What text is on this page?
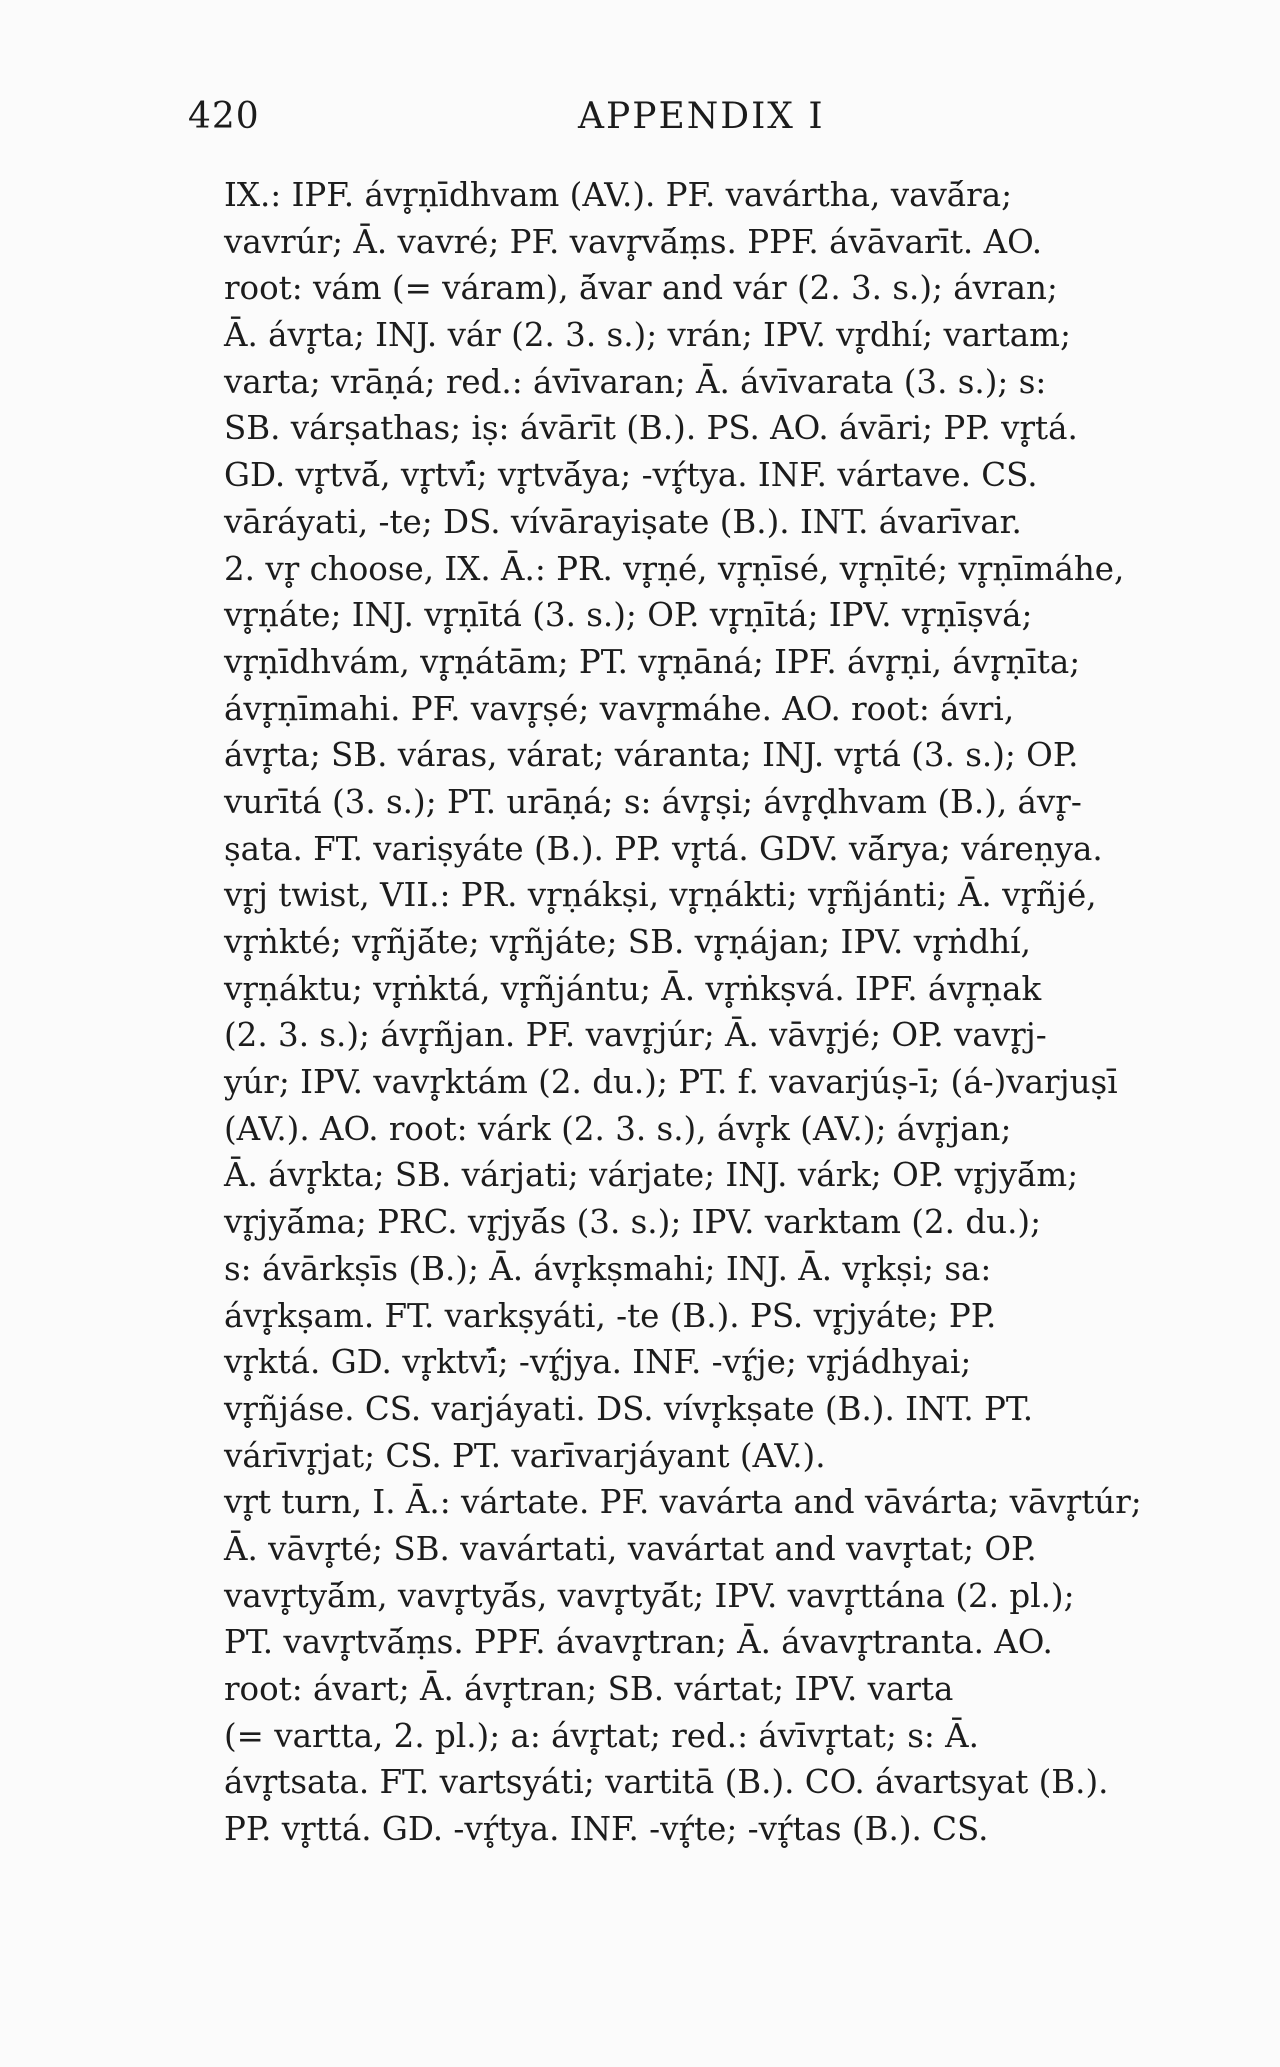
420	APPENDIX I
IX.: IPF. ávr̥ṇīdhvam (AV.). PF. vavártha, vavā́ra;
vavrúr; Ā. vavré; PF. vavr̥vā́ṃs. PPF. ávāvarīt. AO.
root: vám (= váram), ā́var and vár (2. 3. s.); ávran;
Ā. ávr̥ta; INJ. vár (2. 3. s.); vrán; IPV. vr̥dhí; vartam;
varta; vrāṇá; red.: ávīvaran; Ā. ávīvarata (3. s.); s:
SB. várṣathas; iṣ: ávārīt (B.). PS. AO. ávāri; PP. vr̥tá.
GD. vr̥tvā́, vr̥tvī́; vr̥tvā́ya; -vŕ̥tya. INF. vártave. CS.
vāráyati, -te; DS. vívārayiṣate (B.). INT. ávarīvar.
2. vr̥ choose, IX. Ā.: PR. vr̥ṇé, vr̥ṇīsé, vr̥ṇīté; vr̥ṇīmáhe,
vr̥ṇáte; INJ. vr̥ṇītá (3. s.); OP. vr̥ṇītá; IPV. vr̥ṇīṣvá;
vr̥ṇīdhvám, vr̥ṇátām; PT. vr̥ṇāná; IPF. ávr̥ṇi, ávr̥ṇīta;
ávr̥ṇīmahi. PF. vavr̥ṣé; vavr̥máhe. AO. root: ávri,
ávr̥ta; SB. váras, várat; váranta; INJ. vr̥tá (3. s.); OP.
vurītá (3. s.); PT. urāṇá; s: ávr̥ṣi; ávr̥ḍhvam (B.), ávr̥-
ṣata. FT. variṣyáte (B.). PP. vr̥tá. GDV. vā́rya; váreṇya.
vr̥j twist, VII.: PR. vr̥ṇákṣi, vr̥ṇákti; vr̥ñjánti; Ā. vr̥ñjé,
vr̥ṅkté; vr̥ñjā́te; vr̥ñjáte; SB. vr̥ṇájan; IPV. vr̥ṅdhí,
vr̥ṇáktu; vr̥ṅktá, vr̥ñjántu; Ā. vr̥ṅkṣvá. IPF. ávr̥ṇak
(2. 3. s.); ávr̥ñjan. PF. vavr̥júr; Ā. vāvr̥jé; OP. vavr̥j-
yúr; IPV. vavr̥ktám (2. du.); PT. f. vavarjúṣ-ī; (á-)varjuṣī
(AV.). AO. root: várk (2. 3. s.), ávr̥k (AV.); ávr̥jan;
Ā. ávr̥kta; SB. várjati; várjate; INJ. várk; OP. vr̥jyā́m;
vr̥jyā́ma; PRC. vr̥jyā́s (3. s.); IPV. varktam (2. du.);
s: ávārkṣīs (B.); Ā. ávr̥kṣmahi; INJ. Ā. vr̥kṣi; sa:
ávr̥kṣam. FT. varkṣyáti, -te (B.). PS. vr̥jyáte; PP.
vr̥ktá. GD. vr̥ktvī́; -vŕ̥jya. INF. -vŕ̥je; vr̥jádhyai;
vr̥ñjáse. CS. varjáyati. DS. vívr̥kṣate (B.). INT. PT.
várīvr̥jat; CS. PT. varīvarjáyant (AV.).
vr̥t turn, I. Ā.: vártate. PF. vavárta and vāvárta; vāvr̥túr;
Ā. vāvr̥té; SB. vavártati, vavártat and vavr̥tat; OP.
vavr̥tyā́m, vavr̥tyā́s, vavr̥tyā́t; IPV. vavr̥ttána (2. pl.);
PT. vavr̥tvā́ṃs. PPF. ávavr̥tran; Ā. ávavr̥tranta. AO.
root: ávart; Ā. ávr̥tran; SB. vártat; IPV. varta
(= vartta, 2. pl.); a: ávr̥tat; red.: ávīvr̥tat; s: Ā.
ávr̥tsata. FT. vartsyáti; vartitā (B.). CO. ávartsyat (B.).
PP. vr̥ttá. GD. -vŕ̥tya. INF. -vŕ̥te; -vŕ̥tas (B.). CS.
